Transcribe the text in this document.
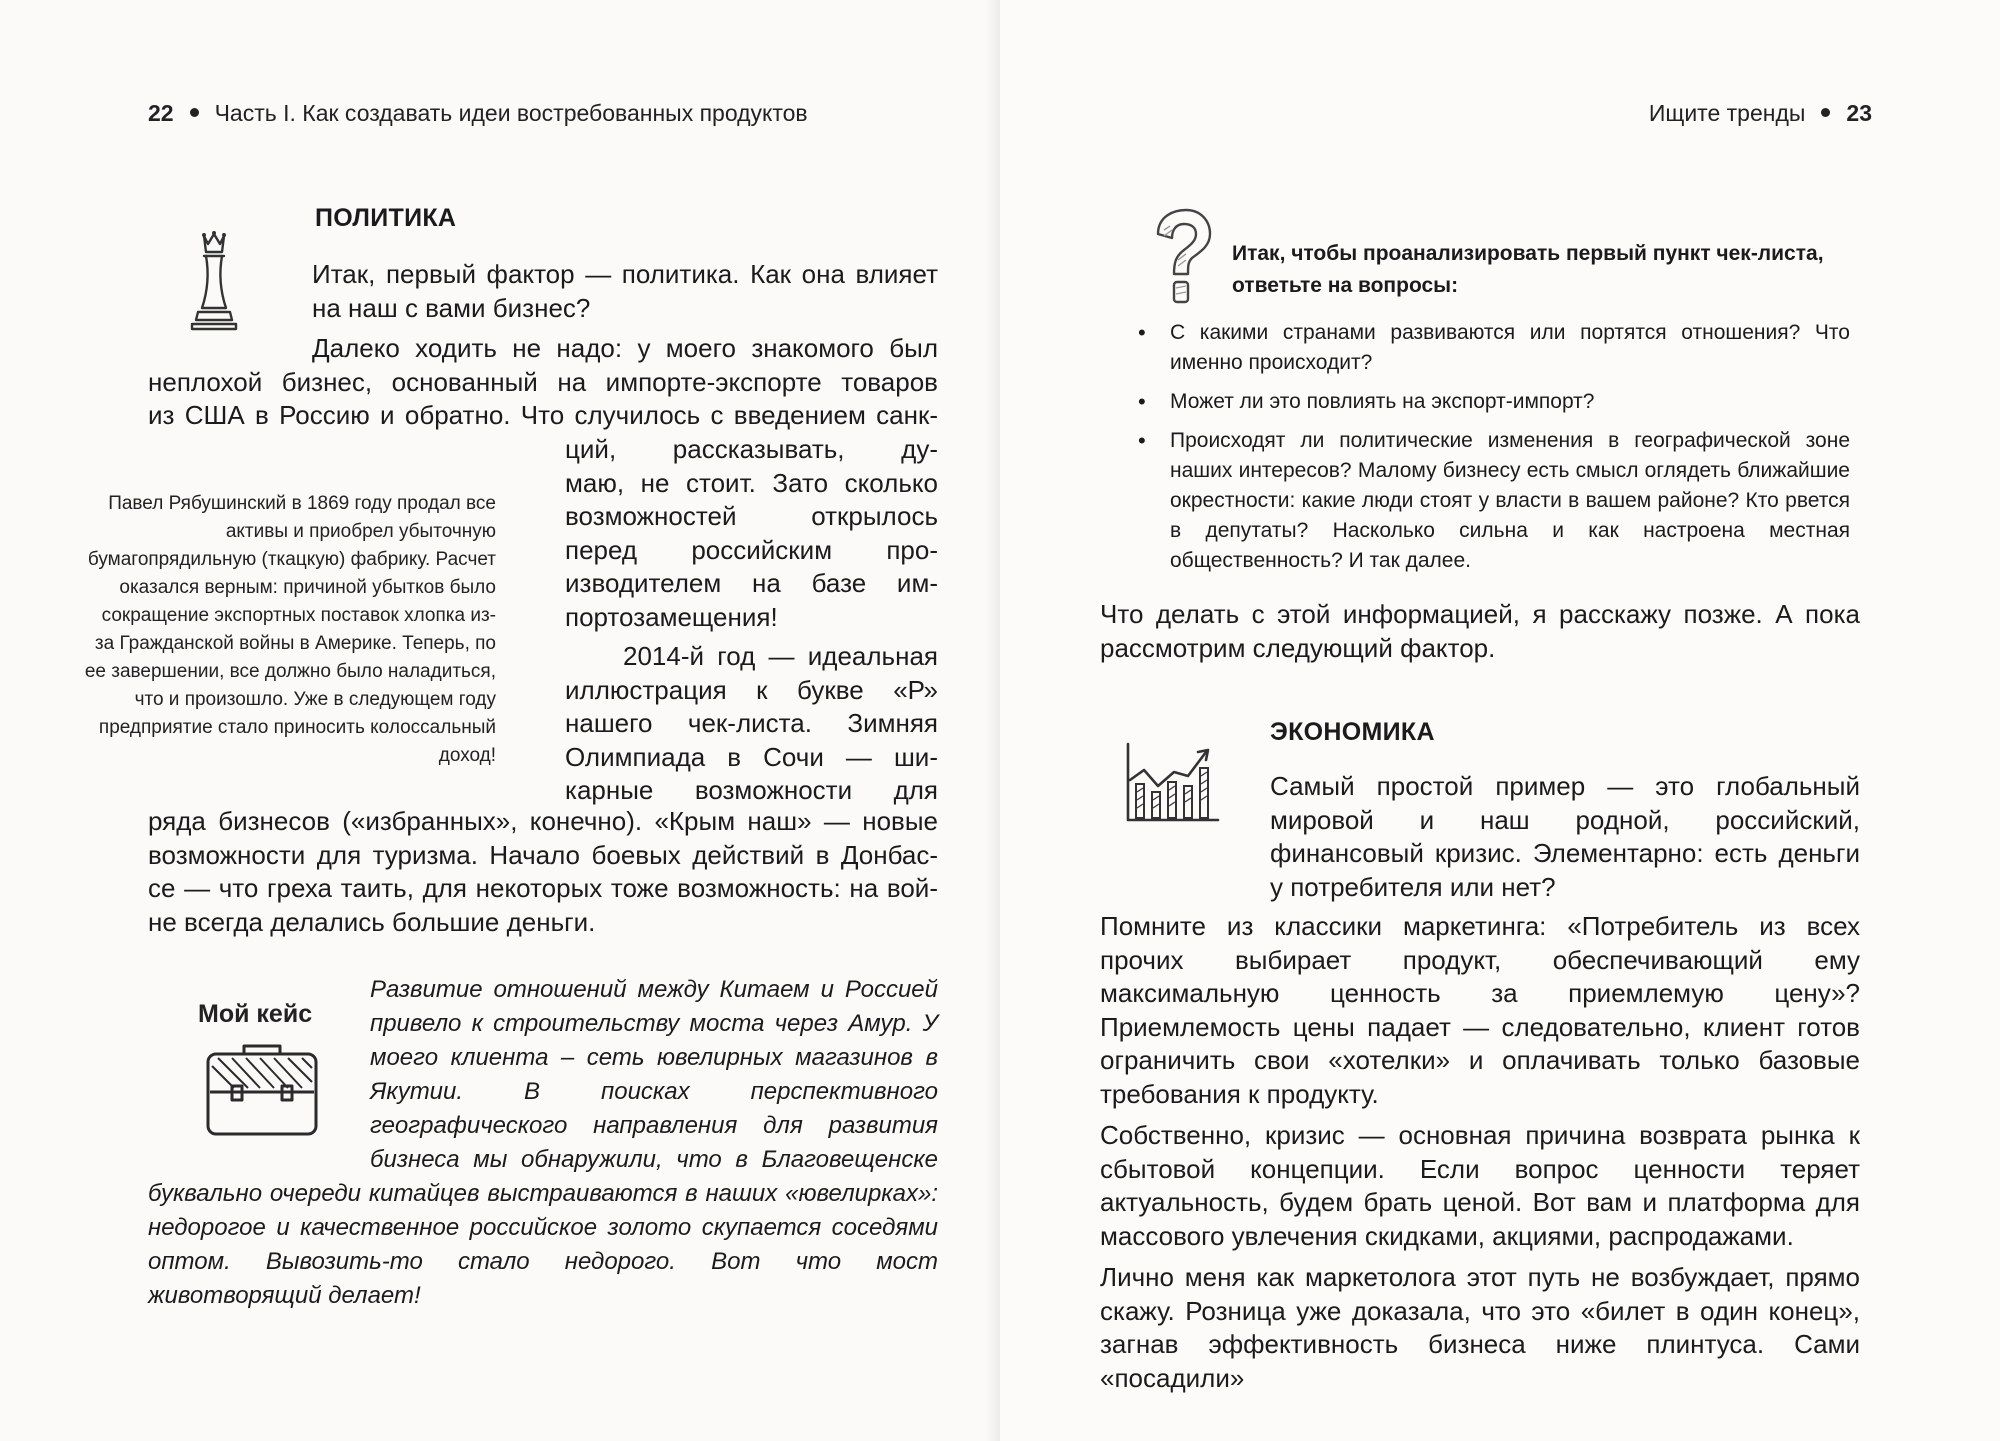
22 Часть I. Как создавать идеи востребованных продуктов
ПОЛИТИКА

Итак, первый фактор — политика. Как она влияет на наш с вами бизнес?

Далеко ходить не надо: у моего знакомого был
неплохой бизнес, основанный на импорте-экспорте товаров
из США в Россию и обратно. Что случилось с введением санк-
ций, рассказывать, ду-
маю, не стоит. Зато сколько
возможностей открылось
перед российским про-
изводителем на базе им-
портозамещения!
2014-й год — идеальная
иллюстрация к букве «Р»
нашего чек-листа. Зимняя
Олимпиада в Сочи — ши-
карные возможности для
Павел Рябушинский в 1869 году продал все активы и приобрел убыточную бумагопрядильную (ткацкую) фабрику. Расчет оказался верным: причиной убытков было сокращение экспортных поставок хлопка из-за Гражданской войны в Америке. Теперь, по ее завершении, все должно было наладиться, что и произошло. Уже в следующем году предприятие стало приносить колоссальный доход!
ряда бизнесов («избранных», конечно). «Крым наш» — новые
возможности для туризма. Начало боевых действий в Донбас-
се — что греха таить, для некоторых тоже возможность: на вой-
не всегда делались большие деньги.
Мой кейс
Развитие отношений между Китаем и Россией привело к строительству моста через Амур. У моего клиента – сеть ювелирных магазинов в Якутии. В поисках перспективного географического направления для развития бизнеса мы обнаружили, что в Благовещенске буквально очереди китайцев выстраиваются в наших «ювелирках»: недорогое и качественное российское золото скупается соседями оптом. Вывозить-то стало недорого. Вот что мост животворящий делает!
Ищите тренды 23
Итак, чтобы проанализировать первый пункт чек-листа, ответьте на вопросы:
• С какими странами развиваются или портятся отношения? Что именно происходит?
• Может ли это повлиять на экспорт-импорт?
• Происходят ли политические изменения в географической зоне наших интересов? Малому бизнесу есть смысл оглядеть ближайшие окрестности: какие люди стоят у власти в вашем районе? Кто рвется в депутаты? Насколько сильна и как настроена местная общественность? И так далее.

Что делать с этой информацией, я расскажу позже. А пока рассмотрим следующий фактор.

ЭКОНОМИКА

Самый простой пример — это глобальный мировой и наш родной, российский, финансовый кризис. Элементарно: есть деньги у потребителя или нет?

Помните из классики маркетинга: «Потребитель из всех прочих выбирает продукт, обеспечивающий ему максимальную ценность за приемлемую цену»? Приемлемость цены падает — следовательно, клиент готов ограничить свои «хотелки» и оплачивать только базовые требования к продукту.

Собственно, кризис — основная причина возврата рынка к сбытовой концепции. Если вопрос ценности теряет актуальность, будем брать ценой. Вот вам и платформа для массового увлечения скидками, акциями, распродажами.

Лично меня как маркетолога этот путь не возбуждает, прямо скажу. Розница уже доказала, что это «билет в один конец», загнав эффективность бизнеса ниже плинтуса. Сами «посадили»
